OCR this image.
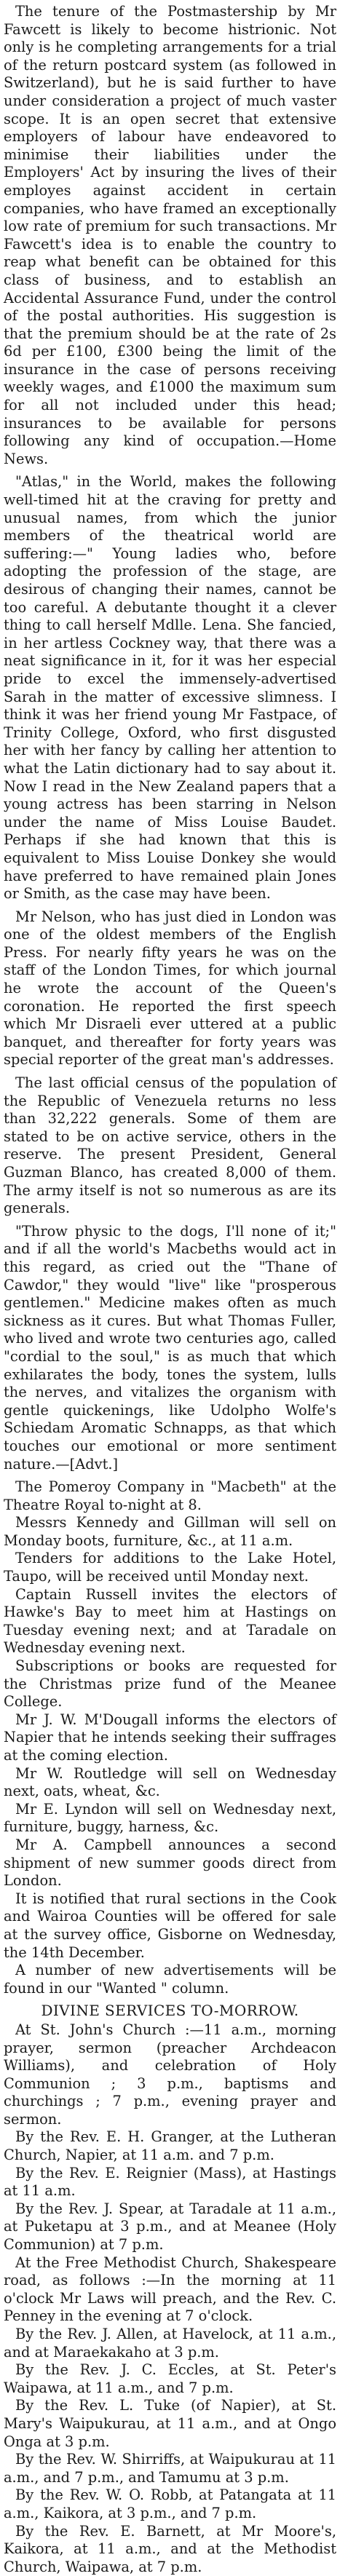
The tenure of the Postmastership by Mr Fawcett is likely to become histrionic. Not only is he completing arrangements for a trial of the return postcard system (as followed in Switzerland), but he is said further to have under consideration a project of much vaster scope. It is an open secret that extensive employers of labour have endeavored to minimise their liabilities under the Employers' Act by insuring the lives of their employes against accident in certain companies, who have framed an exceptionally low rate of premium for such transactions. Mr Fawcett's idea is to enable the country to reap what benefit can be obtained for this class of business, and to establish an Accidental Assurance Fund, under the control of the postal authorities. His suggestion is that the premium should be at the rate of 2s 6d per £100, £300 being the limit of the insurance in the case of persons receiving weekly wages, and £1000 the maximum sum for all not included under this head; insurances to be available for persons following any kind of occupation.—Home News.

"Atlas," in the World, makes the following well-timed hit at the craving for pretty and unusual names, from which the junior members of the theatrical world are suffering:—" Young ladies who, before adopting the profession of the stage, are desirous of changing their names, cannot be too careful. A debutante thought it a clever thing to call herself Mdlle. Lena. She fancied, in her artless Cockney way, that there was a neat significance in it, for it was her especial pride to excel the immensely-advertised Sarah in the matter of excessive slimness. I think it was her friend young Mr Fastpace, of Trinity College, Oxford, who first disgusted her with her fancy by calling her attention to what the Latin dictionary had to say about it. Now I read in the New Zealand papers that a young actress has been starring in Nelson under the name of Miss Louise Baudet. Perhaps if she had known that this is equivalent to Miss Louise Donkey she would have preferred to have remained plain Jones or Smith, as the case may have been.

Mr Nelson, who has just died in London was one of the oldest members of the English Press. For nearly fifty years he was on the staff of the London Times, for which journal he wrote the account of the Queen's coronation. He reported the first speech which Mr Disraeli ever uttered at a public banquet, and thereafter for forty years was special reporter of the great man's addresses.

The last official census of the population of the Republic of Venezuela returns no less than 32,222 generals. Some of them are stated to be on active service, others in the reserve. The present President, General Guzman Blanco, has created 8,000 of them. The army itself is not so numerous as are its generals.

"Throw physic to the dogs, I'll none of it;" and if all the world's Macbeths would act in this regard, as cried out the "Thane of Cawdor," they would "live" like "prosperous gentlemen." Medicine makes often as much sickness as it cures. But what Thomas Fuller, who lived and wrote two centuries ago, called "cordial to the soul," is as much that which exhilarates the body, tones the system, lulls the nerves, and vitalizes the organism with gentle quickenings, like Udolpho Wolfe's Schiedam Aromatic Schnapps, as that which touches our emotional or more sentiment nature.—[Advt.]

The Pomeroy Company in "Macbeth" at the Theatre Royal to-night at 8.

Messrs Kennedy and Gillman will sell on Monday boots, furniture, &c., at 11 a.m.

Tenders for additions to the Lake Hotel, Taupo, will be received until Monday next.

Captain Russell invites the electors of Hawke's Bay to meet him at Hastings on Tuesday evening next; and at Taradale on Wednesday evening next.

Subscriptions or books are requested for the Christmas prize fund of the Meanee College.

Mr J. W. M'Dougall informs the electors of Napier that he intends seeking their suffrages at the coming election.

Mr W. Routledge will sell on Wednesday next, oats, wheat, &c.

Mr E. Lyndon will sell on Wednesday next, furniture, buggy, harness, &c.

Mr A. Campbell announces a second shipment of new summer goods direct from London.

It is notified that rural sections in the Cook and Wairoa Counties will be offered for sale at the survey office, Gisborne on Wednesday, the 14th December.

A number of new advertisements will be found in our "Wanted " column.

DIVINE SERVICES TO-MORROW.

At St. John's Church :—11 a.m., morning prayer, sermon (preacher Archdeacon Williams), and celebration of Holy Communion ; 3 p.m., baptisms and churchings ; 7 p.m., evening prayer and sermon.

By the Rev. E. H. Granger, at the Lutheran Church, Napier, at 11 a.m. and 7 p.m.

By the Rev. E. Reignier (Mass), at Hastings at 11 a.m.

By the Rev. J. Spear, at Taradale at 11 a.m., at Puketapu at 3 p.m., and at Meanee (Holy Communion) at 7 p.m.

At the Free Methodist Church, Shakespeare road, as follows :—In the morning at 11 o'clock Mr Laws will preach, and the Rev. C. Penney in the evening at 7 o'clock.

By the Rev. J. Allen, at Havelock, at 11 a.m., and at Maraekakaho at 3 p.m.

By the Rev. J. C. Eccles, at St. Peter's Waipawa, at 11 a.m., and 7 p.m.

By the Rev. L. Tuke (of Napier), at St. Mary's Waipukurau, at 11 a.m., and at Ongo Onga at 3 p.m.

By the Rev. W. Shirriffs, at Waipukurau at 11 a.m., and 7 p.m., and Tamumu at 3 p.m.

By the Rev. W. O. Robb, at Patangata at 11 a.m., Kaikora, at 3 p.m., and 7 p.m.

By the Rev. E. Barnett, at Mr Moore's, Kaikora, at 11 a.m., and at the Methodist Church, Waipawa, at 7 p.m.
